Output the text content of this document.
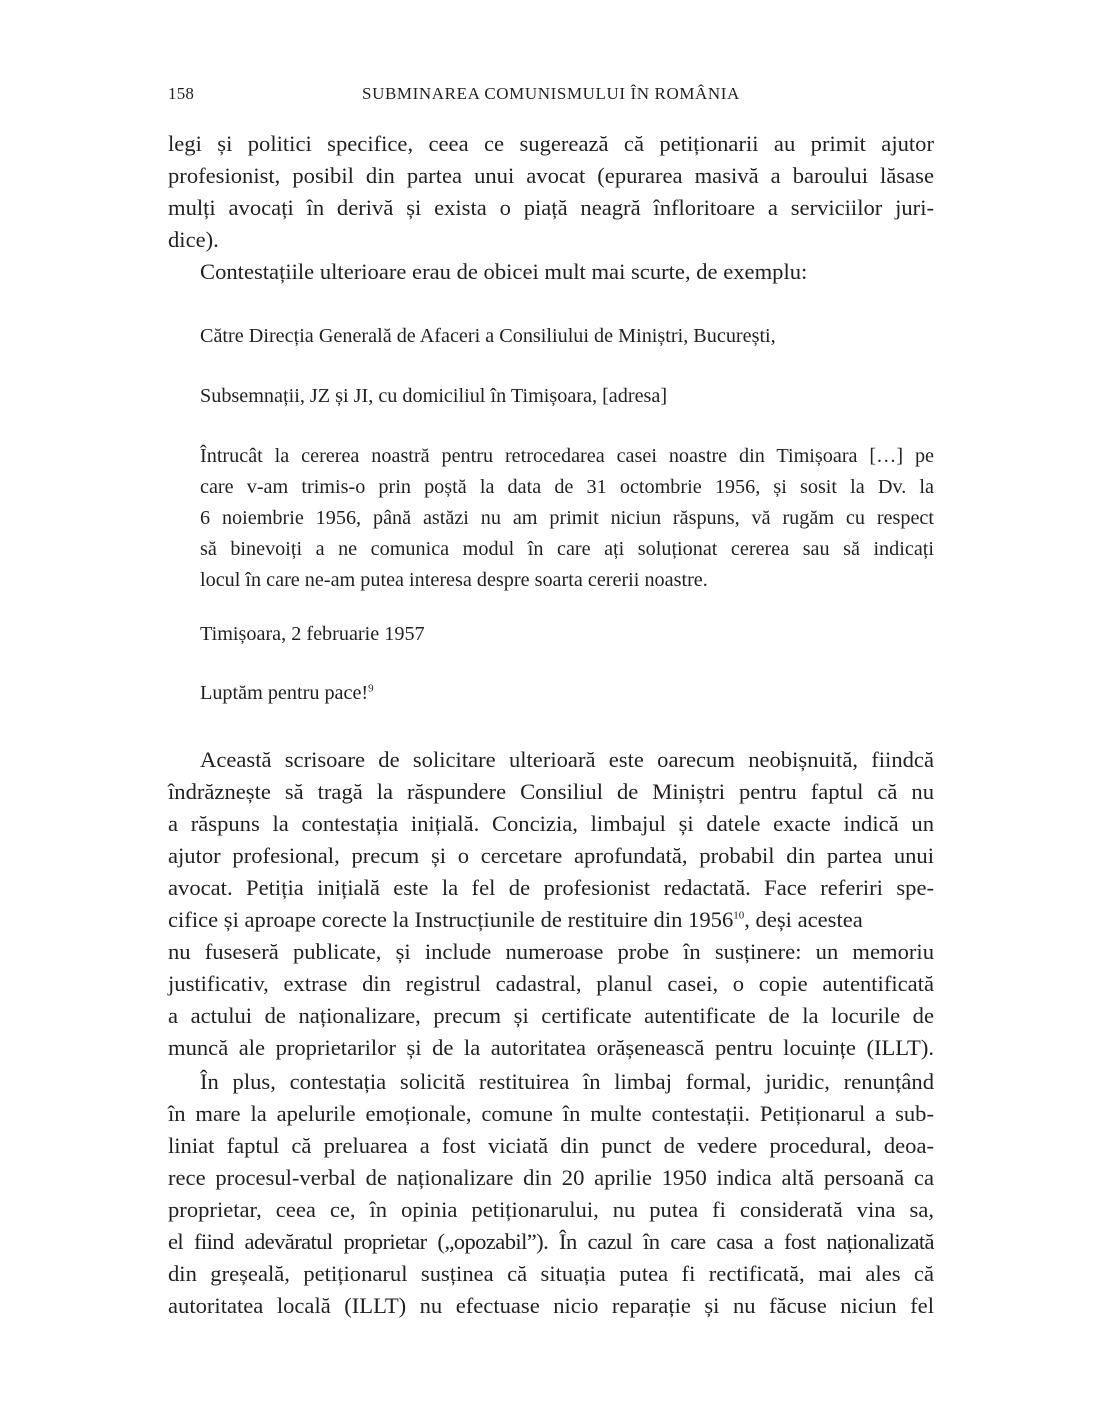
158	SUBMINAREA COMUNISMULUI ÎN ROMÂNIA
legi și politici specifice, ceea ce sugerează că petiționarii au primit ajutor
profesionist, posibil din partea unui avocat (epurarea masivă a baroului lăsase
mulți avocați în derivă și exista o piață neagră înfloritoare a serviciilor juri-
dice).
Contestațiile ulterioare erau de obicei mult mai scurte, de exemplu:
Către Direcția Generală de Afaceri a Consiliului de Miniștri, București,
Subsemnații, JZ și JI, cu domiciliul în Timișoara, [adresa]
Întrucât la cererea noastră pentru retrocedarea casei noastre din Timișoara […] pe
care v-am trimis-o prin poștă la data de 31 octombrie 1956, și sosit la Dv. la
6 noiembrie 1956, până astăzi nu am primit niciun răspuns, vă rugăm cu respect
să binevoiți a ne comunica modul în care ați soluționat cererea sau să indicați
locul în care ne-am putea interesa despre soarta cererii noastre.
Timișoara, 2 februarie 1957
Luptăm pentru pace!$^9$
Această scrisoare de solicitare ulterioară este oarecum neobișnuită, fiindcă
îndrăznește să tragă la răspundere Consiliul de Miniștri pentru faptul că nu
a răspuns la contestația inițială. Concizia, limbajul și datele exacte indică un
ajutor profesional, precum și o cercetare aprofundată, probabil din partea unui
avocat. Petiția inițială este la fel de profesionist redactată. Face referiri spe-
cifice și aproape corecte la Instrucțiunile de restituire din 1956$^{10}$, deși acestea
nu fuseseră publicate, și include numeroase probe în susținere: un memoriu
justificativ, extrase din registrul cadastral, planul casei, o copie autentificată
a actului de naționalizare, precum și certificate autentificate de la locurile de
muncă ale proprietarilor și de la autoritatea orășenească pentru locuințe (ILLT).
În plus, contestația solicită restituirea în limbaj formal, juridic, renunțând
în mare la apelurile emoționale, comune în multe contestații. Petiționarul a sub-
liniat faptul că preluarea a fost viciată din punct de vedere procedural, deoa-
rece procesul-verbal de naționalizare din 20 aprilie 1950 indica altă persoană ca
proprietar, ceea ce, în opinia petiționarului, nu putea fi considerată vina sa,
el fiind adevăratul proprietar („opozabil”). În cazul în care casa a fost naționalizată
din greșeală, petiționarul susținea că situația putea fi rectificată, mai ales că
autoritatea locală (ILLT) nu efectuase nicio reparație și nu făcuse niciun fel
